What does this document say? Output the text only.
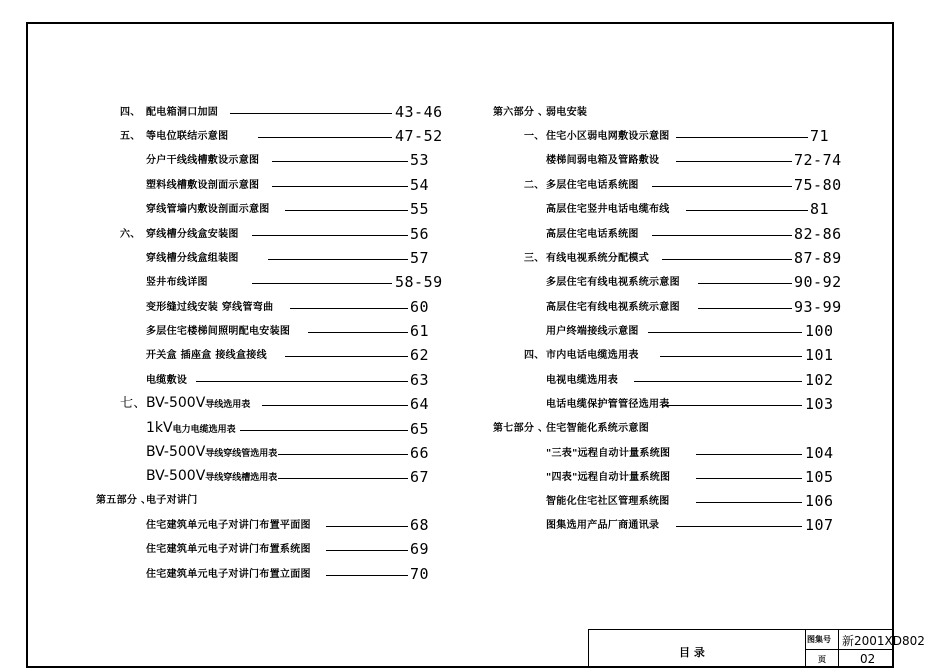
四、 配电箱洞口加固	43-46
五、 等电位联结示意图	47-52
分户干线线槽敷设示意图	53
塑料线槽敷设剖面示意图	54
穿线管墙内敷设剖面示意图	55
六、 穿线槽分线盒安装图	56
穿线槽分线盒组装图	57
竖井布线详图	58-59
变形缝过线安装 穿线管弯曲	60
多层住宅楼梯间照明配电安装图	61
开关盒 插座盒 接线盒接线	62
电缆敷设	63
七、 BV-500V导线选用表	64
1kV电力电缆选用表	65
BV-500V导线穿线管选用表	66
BV-500V导线穿线槽选用表	67
第五部分 、
电子对讲门
住宅建筑单元电子对讲门布置平面图	68
住宅建筑单元电子对讲门布置系统图	69
住宅建筑单元电子对讲门布置立面图	70
第六部分 、
弱电安装
一、 住宅小区弱电网敷设示意图	71
楼梯间弱电箱及管路敷设	72-74
二、 多层住宅电话系统图	75-80
高层住宅竖井电话电缆布线	81
高层住宅电话系统图	82-86
三、 有线电视系统分配模式	87-89
多层住宅有线电视系统示意图	90-92
高层住宅有线电视系统示意图	93-99
用户终端接线示意图	100
四、 市内电话电缆选用表	101
电视电缆选用表	102
电话电缆保护管管径选用表	103
第七部分 、
住宅智能化系统示意图
"三表"远程自动计量系统图	104
"四表"远程自动计量系统图	105
智能化住宅社区管理系统图	106
图集选用产品厂商通讯录	107
目 录
图集号 新2001XD802
页	02
